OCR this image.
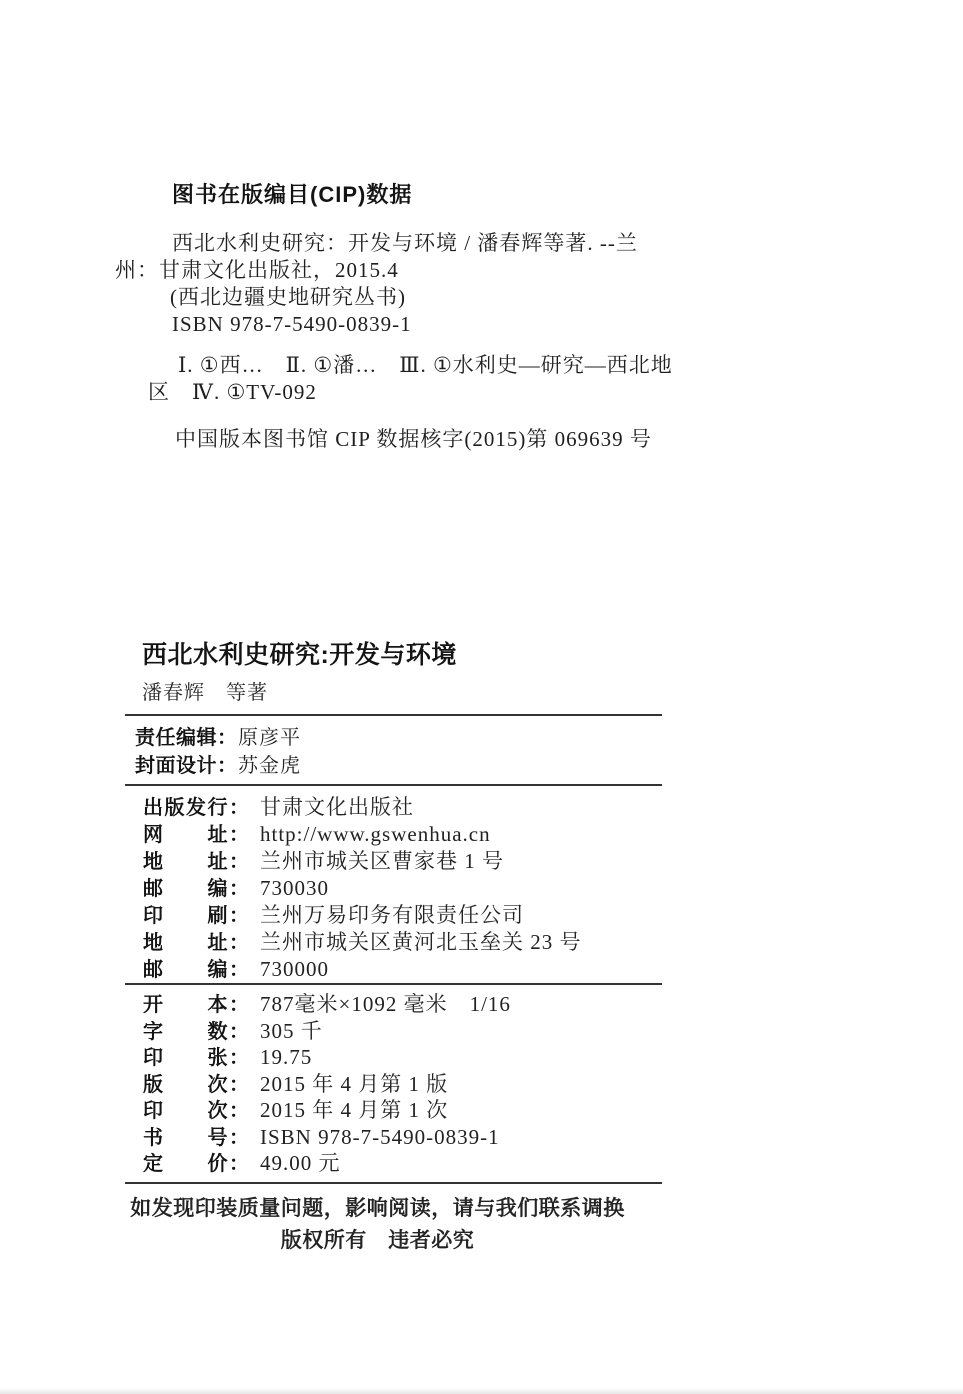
图书在版编目(CIP)数据
西北水利史研究：开发与环境 / 潘春辉等著. --兰
州：甘肃文化出版社，2015.4
(西北边疆史地研究丛书)
ISBN 978-7-5490-0839-1
Ⅰ. ①西…　Ⅱ. ①潘…　Ⅲ. ①水利史—研究—西北地
区　Ⅳ. ①TV-092
中国版本图书馆 CIP 数据核字(2015)第 069639 号
西北水利史研究:开发与环境
潘春辉　等著
责任编辑： 原彦平
封面设计： 苏金虎
出版发行： 甘肃文化出版社
网　　址： http://www.gswenhua.cn
地　　址： 兰州市城关区曹家巷 1 号
邮　　编： 730030
印　　刷： 兰州万易印务有限责任公司
地　　址： 兰州市城关区黄河北玉垒关 23 号
邮　　编： 730000
开　　本： 787毫米×1092 毫米　1/16
字　　数： 305 千
印　　张： 19.75
版　　次： 2015 年 4 月第 1 版
印　　次： 2015 年 4 月第 1 次
书　　号： ISBN 978-7-5490-0839-1
定　　价： 49.00 元
如发现印装质量问题，影响阅读，请与我们联系调换
版权所有　违者必究
